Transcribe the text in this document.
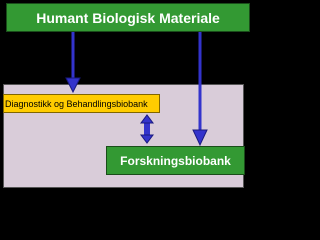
Humant Biologisk Materiale
Diagnostikk og Behandlingsbiobank
Forskningsbiobank
